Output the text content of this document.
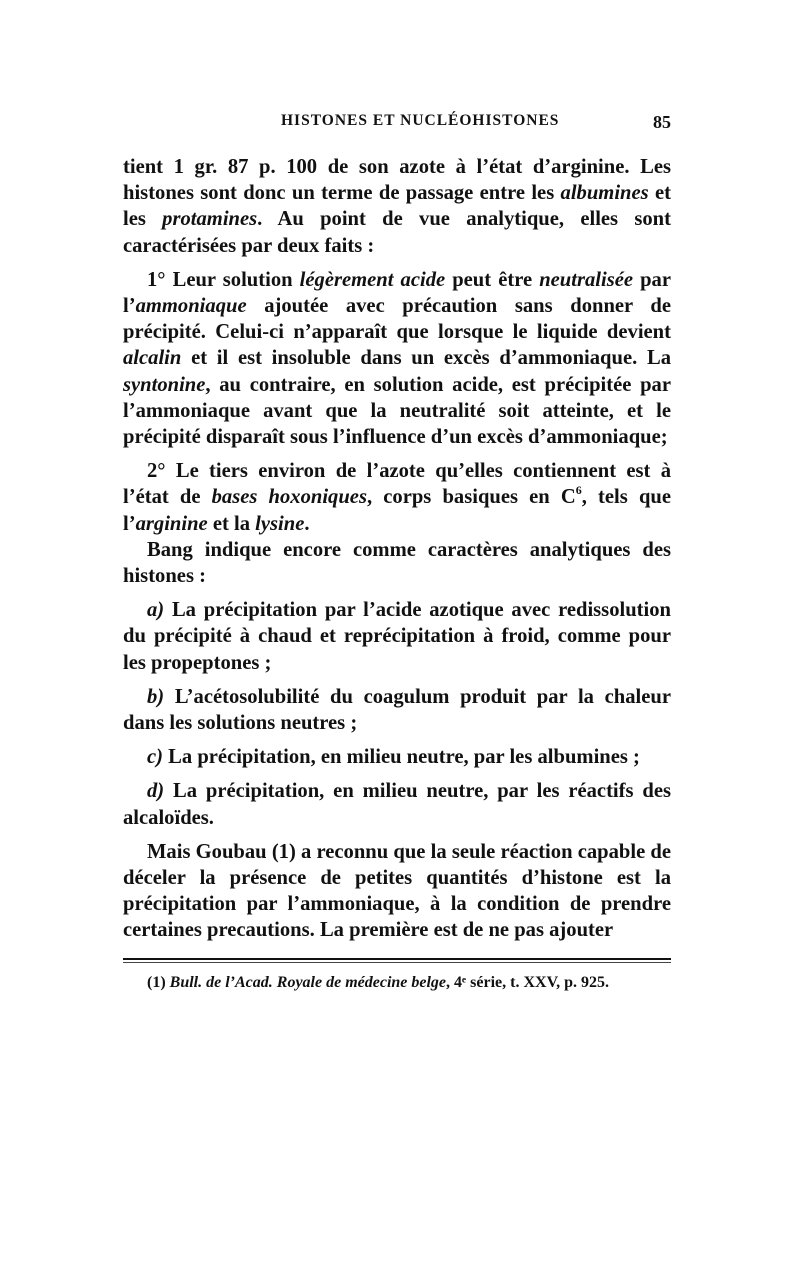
HISTONES ET NUCLÉOHISTONES	85

tient 1 gr. 87 p. 100 de son azote à l’état d’arginine. Les histones sont donc un terme de passage entre les albumines et les protamines. Au point de vue analytique, elles sont caractérisées par deux faits :

1° Leur solution légèrement acide peut être neutralisée par l’ammoniaque ajoutée avec précaution sans donner de précipité. Celui-ci n’apparaît que lorsque le liquide devient alcalin et il est insoluble dans un excès d’ammoniaque. La syntonine, au contraire, en solution acide, est précipitée par l’ammoniaque avant que la neutralité soit atteinte, et le précipité disparaît sous l’influence d’un excès d’ammoniaque;

2° Le tiers environ de l’azote qu’elles contiennent est à l’état de bases hoxoniques, corps basiques en $C^6$, tels que l’arginine et la lysine.

Bang indique encore comme caractères analytiques des histones :

a) La précipitation par l’acide azotique avec redissolution du précipité à chaud et reprécipitation à froid, comme pour les propeptones ;

b) L’acétosolubilité du coagulum produit par la chaleur dans les solutions neutres ;

c) La précipitation, en milieu neutre, par les albumines ;

d) La précipitation, en milieu neutre, par les réactifs des alcaloïdes.

Mais Goubau (1) a reconnu que la seule réaction capable de déceler la présence de petites quantités d’histone est la précipitation par l’ammoniaque, à la condition de prendre certaines precautions. La première est de ne pas ajouter

(1) Bull. de l’Acad. Royale de médecine belge, 4ᵉ série, t. XXV, p. 925.
